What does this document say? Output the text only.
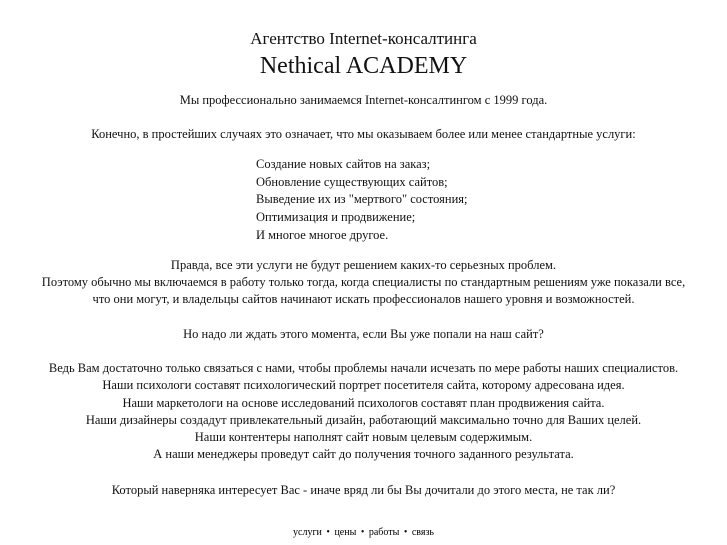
Агентство Internet-консалтинга
Nethical ACADEMY
Мы профессионально занимаемся Internet-консалтингом с 1999 года.
Конечно, в простейших случаях это означает, что мы оказываем более или менее стандартные услуги:
Создание новых сайтов на заказ;
Обновление существующих сайтов;
Выведение их из "мертвого" состояния;
Оптимизация и продвижение;
И многое многое другое.
Правда, все эти услуги не будут решением каких-то серьезных проблем.
Поэтому обычно мы включаемся в работу только тогда, когда специалисты по стандартным решениям уже показали все,
что они могут, и владельцы сайтов начинают искать профессионалов нашего уровня и возможностей.
Но надо ли ждать этого момента, если Вы уже попали на наш сайт?
Ведь Вам достаточно только связаться с нами, чтобы проблемы начали исчезать по мере работы наших специалистов.
Наши психологи составят психологический портрет посетителя сайта, которому адресована идея.
Наши маркетологи на основе исследований психологов составят план продвижения сайта.
Наши дизайнеры создадут привлекательный дизайн, работающий максимально точно для Ваших целей.
Наши контентеры наполнят сайт новым целевым содержимым.
А наши менеджеры проведут сайт до получения точного заданного результата.
Который наверняка интересует Вас - иначе вряд ли бы Вы дочитали до этого места, не так ли?
услуги • цены • работы • связь
